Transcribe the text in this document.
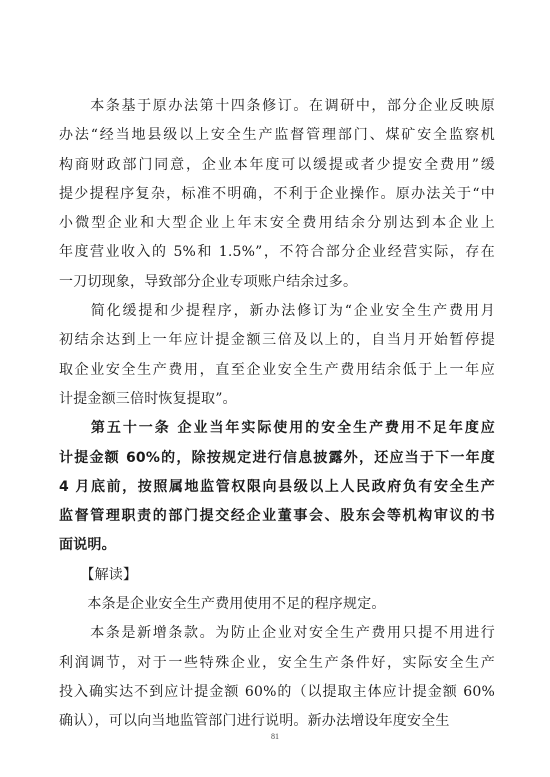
　　本条基于原办法第十四条修订。在调研中，部分企业反映原
办法“经当地县级以上安全生产监督管理部门、煤矿安全监察机
构商财政部门同意，企业本年度可以缓提或者少提安全费用”缓
提少提程序复杂，标准不明确，不利于企业操作。原办法关于“中
小微型企业和大型企业上年末安全费用结余分别达到本企业上
年度营业收入的 5%和 1.5%”，不符合部分企业经营实际，存在
一刀切现象，导致部分企业专项账户结余过多。
　　简化缓提和少提程序，新办法修订为“企业安全生产费用月
初结余达到上一年应计提金额三倍及以上的，自当月开始暂停提
取企业安全生产费用，直至企业安全生产费用结余低于上一年应
计提金额三倍时恢复提取”。
　　第五十一条 企业当年实际使用的安全生产费用不足年度应
计提金额 60%的，除按规定进行信息披露外，还应当于下一年度
4 月底前，按照属地监管权限向县级以上人民政府负有安全生产
监督管理职责的部门提交经企业董事会、股东会等机构审议的书
面说明。
　　【解读】
　　本条是企业安全生产费用使用不足的程序规定。
　　本条是新增条款。为防止企业对安全生产费用只提不用进行
利润调节，对于一些特殊企业，安全生产条件好，实际安全生产
投入确实达不到应计提金额 60%的（以提取主体应计提金额 60%
确认），可以向当地监管部门进行说明。新办法增设年度安全生
81
